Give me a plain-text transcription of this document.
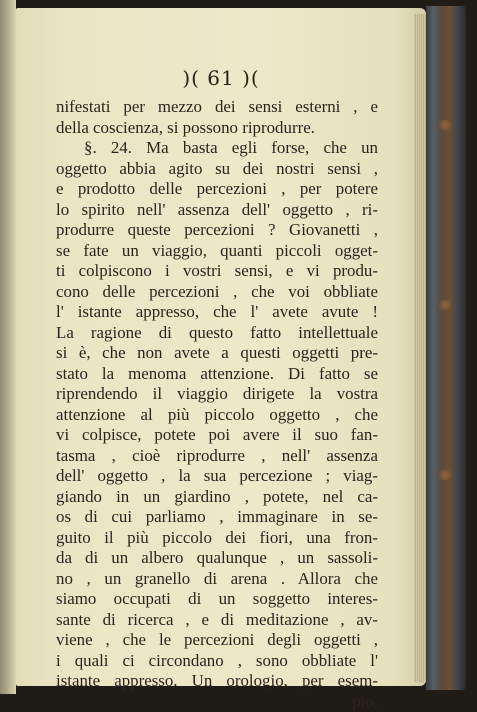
)( 61 )(
nifestati per mezzo dei sensi esterni , e
della coscienza, si possono riprodurre.
§. 24. Ma basta egli forse, che un
oggetto abbia agito su dei nostri sensi ,
e prodotto delle percezioni , per potere
lo spirito nell' assenza dell' oggetto , ri-
produrre queste percezioni ? Giovanetti ,
se fate un viaggio, quanti piccoli ogget-
ti colpiscono i vostri sensi, e vi produ-
cono delle percezioni , che voi obbliate
l' istante appresso, che l' avete avute !
La ragione di questo fatto intellettuale
si è, che non avete a questi oggetti pre-
stato la menoma attenzione. Di fatto se
riprendendo il viaggio dirigete la vostra
attenzione al più piccolo oggetto , che
vi colpisce, potete poi avere il suo fan-
tasma , cioè riprodurre , nell' assenza
dell' oggetto , la sua percezione ; viag-
giando in un giardino , potete, nel ca-
os di cui parliamo , immaginare in se-
guito il più piccolo dei fiori, una fron-
da di un albero qualunque , un sassoli-
no , un granello di arena . Allora che
siamo occupati di un soggetto interes-
sante di ricerca , e di meditazione , av-
viene , che le percezioni degli oggetti ,
i quali ci circondano , sono obbliate l'
istante appresso. Un orologio, per esem-
pio,
